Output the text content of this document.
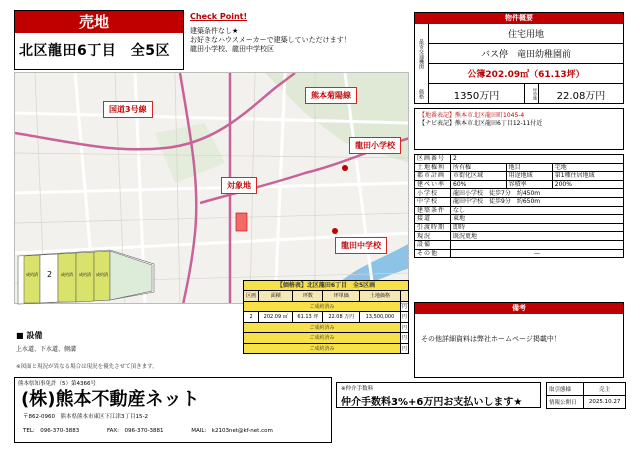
売地
北区龍田6丁目　全5区
Check Point!
建築条件なし★
お好きなハウスメーカーで建築していただけます！
龍田小学校、龍田中学校区
国道3号線
熊本菊陽線
龍田小学校
対象地
龍田中学校
成約済	2	成約済	成約済	成約済
【価格表】北区龍田6丁目　全5区画
区画	面積	坪数	坪単価	土地価格	
ご成約済み					円
2	202.09 ㎡	61.13 坪	22.08 万円	13,500,000	円
ご成約済み					円
ご成約済み					円
ご成約済み					円
■ 設備
上水道、下水道、側溝
※図面と現況が異なる場合は現況を優先させて頂きます。
物件概要
最寄交通機関
価格
住宅用地
バス停　竜田幼稚園前
公簿202.09㎡（61.13坪）
1350万円	坪単価	22.08万円
【地番表記】熊本市北区龍田町1045-4
【ナビ表記】熊本市北区龍田6丁目12-11付近
区画番号	2		
土地権利	所有権	地目	宅地
都市計画	市街化区域	用途地域	第1種住居地域
建ぺい率	60%	容積率	200%
小学校	龍田小学校　徒歩7分　約450m		
中学校	龍田中学校　徒歩9分　約650m		
建築条件	なし		
接道	東地		
引渡時期	即時		
現況	既況更地		
設備			
その他	—		
備考
その他詳細資料は弊社ホームページ掲載中！
熊本県知事免許（5）第4366号
(株)熊本不動産ネット
〒862-0960　熊本県熊本市東区下江津3丁目15-2
TEL:　096-370-3883	FAX:　096-370-3881	MAIL:　k2103net@kf-net.com
※仲介手数料
仲介手数料3%+6万円お支払いします★
取引態様	売主
情報公開日	2025.10.27
